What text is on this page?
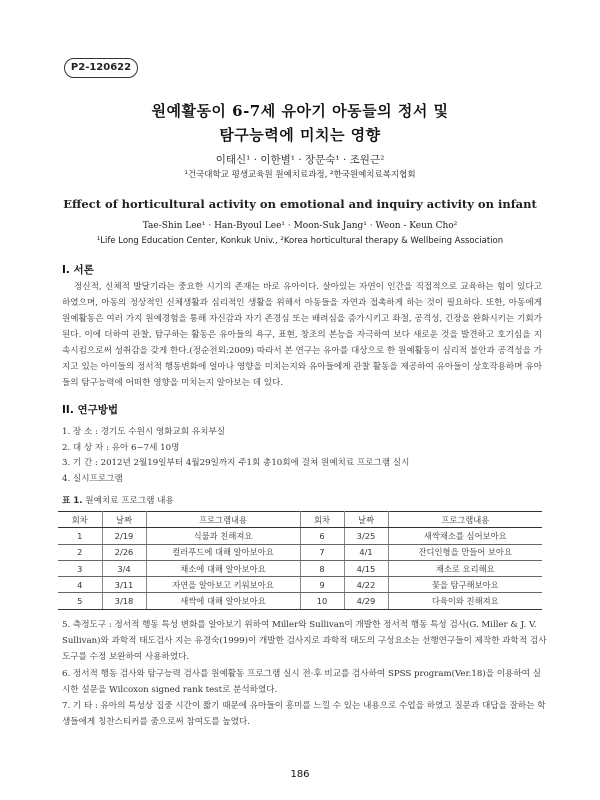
P2-120622
원예활동이 6-7세 유아기 아동들의 정서 및
탐구능력에 미치는 영향
이태신¹ · 이한별¹ · 장문숙¹ · 조원근²
¹건국대학교 평생교육원 원예치료과정, ²한국원예치료복지협회
Effect of horticultural activity on emotional and inquiry activity on infant
Tae-Shin Lee¹ · Han-Byoul Lee¹ · Moon-Suk Jang¹ · Weon - Keun Cho²
¹Life Long Education Center, Konkuk Univ., ²Korea horticultural therapy & Wellbeing Association
I. 서론

정신적, 신체적 발달기라는 중요한 시기의 존재는 바로 유아이다. 살아있는 자연이 인간을 직접적으로 교육하는 힘이 있다고 하였으며, 아동의 정상적인 신체생활과 심리적인 생활을 위해서 아동들을 자연과 접촉하게 하는 것이 필요하다. 또한, 아동에게 원예활동은 여러 가지 원예경험을 통해 자신감과 자기 존경심 또는 배려심을 증가시키고 좌절, 공격성, 긴장을 완화시키는 기회가 된다. 이에 더하여 관찰, 탐구하는 활동은 유아들의 욕구, 표현, 창조의 본능을 자극하여 보다 새로운 것을 발견하고 호기심을 지속시킴으로써 성취감을 갖게 한다.(정순전외:2009) 따라서 본 연구는 유아를 대상으로 한 원예활동이 심리적 불안과 공격성을 가지고 있는 아이들의 정서적 행동변화에 얼마나 영향을 미치는지와 유아들에게 관찰 활동을 제공하여 유아들이 상호작용하며 유아들의 탐구능력에 어떠한 영향을 미치는지 알아보는 데 있다.

II. 연구방법
1. 장 소 : 경기도 수원시 영화교회 유치부실
2. 대 상 자 : 유아 6~7세 10명
3. 기 간 : 2012년 2월19일부터 4월29일까지 주1회 총10회에 걸쳐 원예치료 프로그램 실시
4. 실시프로그램
표 1. 원예치료 프로그램 내용
회차	날짜	프로그램내용	회차	날짜	프로그램내용
1	2/19	식물과 친해져요	6	3/25	새싹채소를 심어보아요
2	2/26	컬러푸드에 대해 알아보아요	7	4/1	잔디인형을 만들어 보아요
3	3/4	채소에 대해 알아보아요	8	4/15	채소로 요리해요
4	3/11	자연을 알아보고 키워보아요	9	4/22	꽃을 탐구해보아요
5	3/18	새싹에 대해 알아보아요	10	4/29	다육이와 친해져요
5. 측정도구 : 정서적 행동 특성 변화를 알아보기 위하여 Miller와 Sullivan이 개발한 정서적 행동 특성 검사(G. Miller & J. V. Sullivan)와 과학적 태도검사 지는 유경숙(1999)이 개발한 검사지로 과학적 태도의 구성요소는 선행연구들이 제작한 과학적 검사 도구를 수정 보완하여 사용하였다.
6. 정서적 행동 검사와 탐구능력 검사를 원예활동 프로그램 실시 전·후 비교를 검사하여 SPSS program(Ver.18)을 이용하여 실시한 설문을 Wilcoxon signed rank test로 분석하였다.
7. 기 타 : 유아의 특성상 집중 시간이 짧기 때문에 유아들이 흥미를 느낄 수 있는 내용으로 수업을 하였고 질문과 대답을 잘하는 학생들에게 칭찬스티커를 줌으로써 참여도를 높였다.
186
